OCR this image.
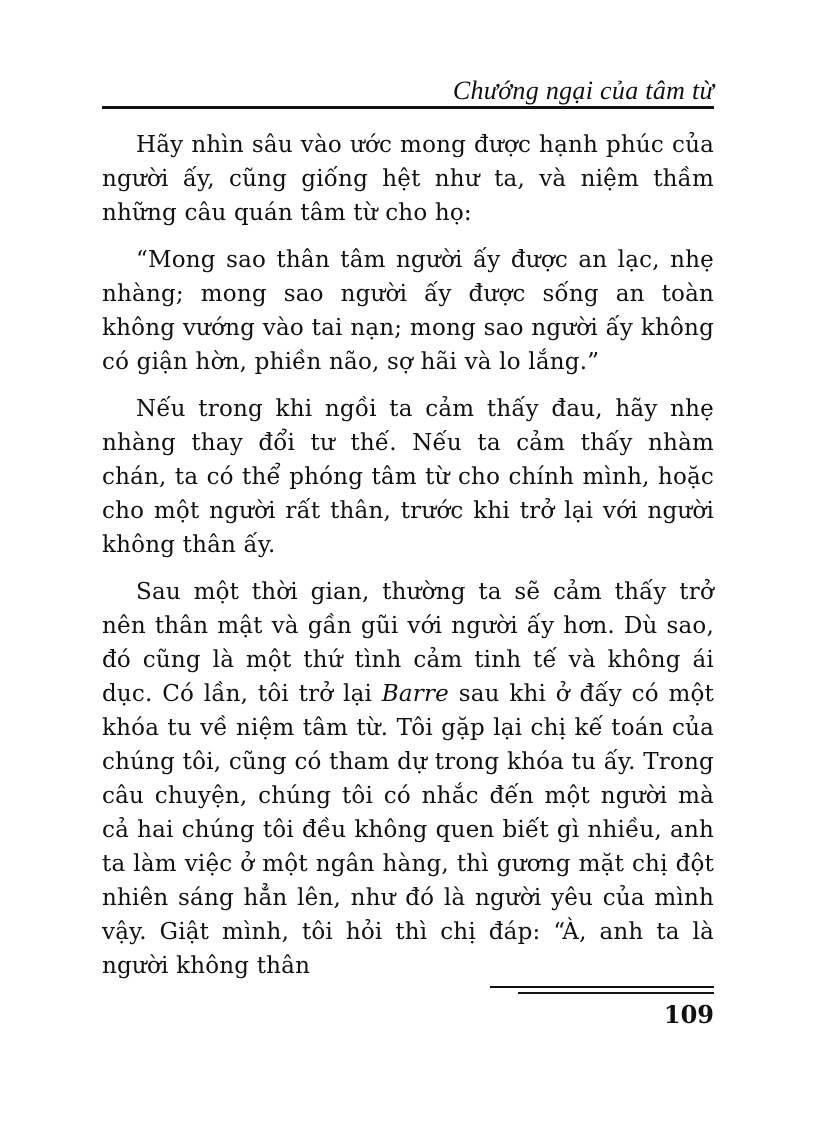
Chướng ngại của tâm từ

Hãy nhìn sâu vào ước mong được hạnh phúc của người ấy, cũng giống hệt như ta, và niệm thầm những câu quán tâm từ cho họ:

“Mong sao thân tâm người ấy được an lạc, nhẹ nhàng; mong sao người ấy được sống an toàn không vướng vào tai nạn; mong sao người ấy không có giận hờn, phiền não, sợ hãi và lo lắng.”

Nếu trong khi ngồi ta cảm thấy đau, hãy nhẹ nhàng thay đổi tư thế. Nếu ta cảm thấy nhàm chán, ta có thể phóng tâm từ cho chính mình, hoặc cho một người rất thân, trước khi trở lại với người không thân ấy.

Sau một thời gian, thường ta sẽ cảm thấy trở nên thân mật và gần gũi với người ấy hơn. Dù sao, đó cũng là một thứ tình cảm tinh tế và không ái dục. Có lần, tôi trở lại Barre sau khi ở đấy có một khóa tu về niệm tâm từ. Tôi gặp lại chị kế toán của chúng tôi, cũng có tham dự trong khóa tu ấy. Trong câu chuyện, chúng tôi có nhắc đến một người mà cả hai chúng tôi đều không quen biết gì nhiều, anh ta làm việc ở một ngân hàng, thì gương mặt chị đột nhiên sáng hẳn lên, như đó là người yêu của mình vậy. Giật mình, tôi hỏi thì chị đáp: “À, anh ta là người không thân

109
